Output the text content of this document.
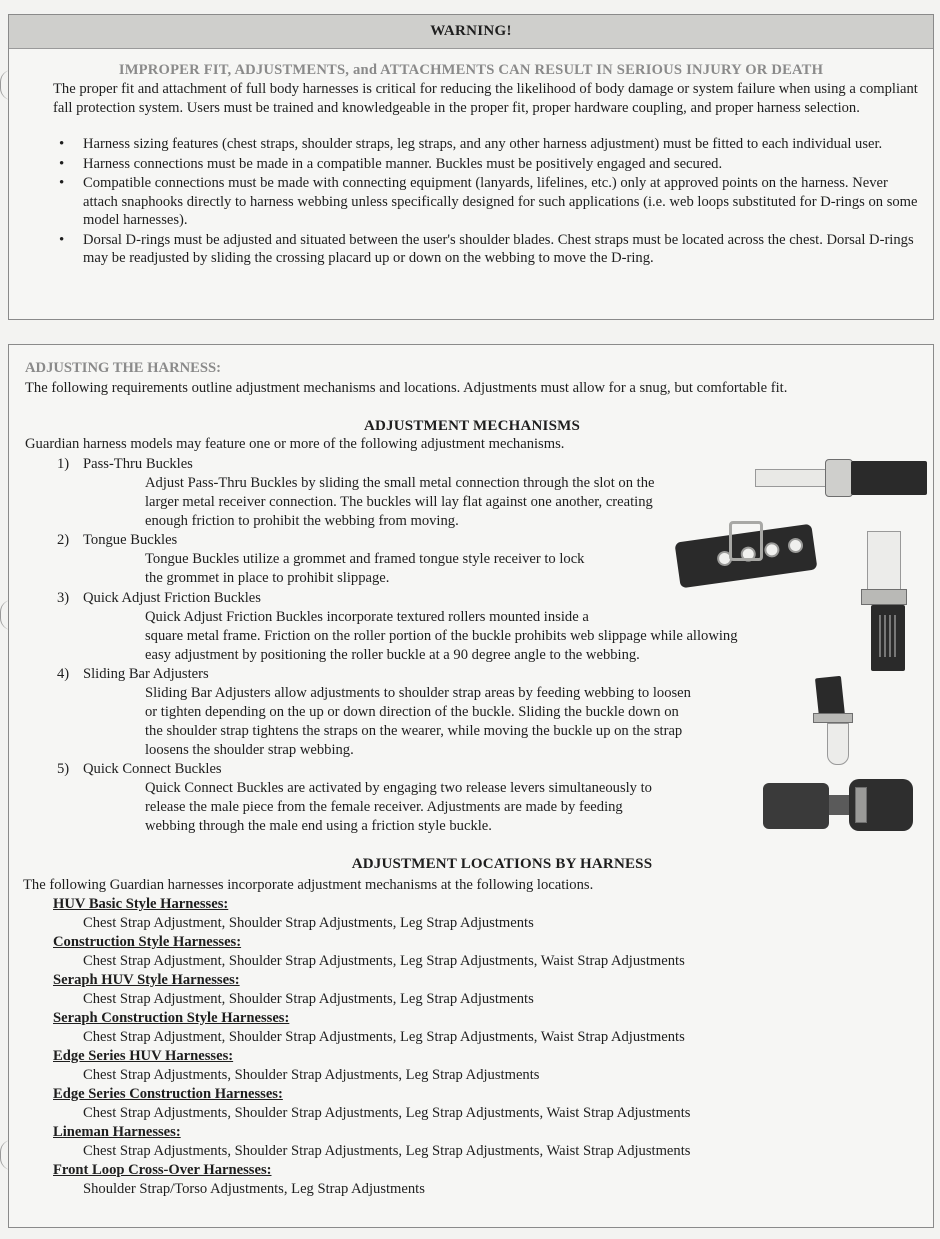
WARNING!
IMPROPER FIT, ADJUSTMENTS, and ATTACHMENTS CAN RESULT IN SERIOUS INJURY OR DEATH

The proper fit and attachment of full body harnesses is critical for reducing the likelihood of body damage or system failure when using a compliant fall protection system. Users must be trained and knowledgeable in the proper fit, proper hardware coupling, and proper harness selection.

• Harness sizing features (chest straps, shoulder straps, leg straps, and any other harness adjustment) must be fitted to each individual user.
• Harness connections must be made in a compatible manner. Buckles must be positively engaged and secured.
• Compatible connections must be made with connecting equipment (lanyards, lifelines, etc.) only at approved points on the harness. Never attach snaphooks directly to harness webbing unless specifically designed for such applications (i.e. web loops substituted for D-rings on some model harnesses).
• Dorsal D-rings must be adjusted and situated between the user's shoulder blades. Chest straps must be located across the chest. Dorsal D-rings may be readjusted by sliding the crossing placard up or down on the webbing to move the D-ring.
ADJUSTING THE HARNESS:
The following requirements outline adjustment mechanisms and locations. Adjustments must allow for a snug, but comfortable fit.
ADJUSTMENT MECHANISMS
Guardian harness models may feature one or more of the following adjustment mechanisms.
1) Pass-Thru Buckles
Adjust Pass-Thru Buckles by sliding the small metal connection through the slot on the
larger metal receiver connection. The buckles will lay flat against one another, creating
enough friction to prohibit the webbing from moving.
2) Tongue Buckles
Tongue Buckles utilize a grommet and framed tongue style receiver to lock
the grommet in place to prohibit slippage.
3) Quick Adjust Friction Buckles
Quick Adjust Friction Buckles incorporate textured rollers mounted inside a
square metal frame. Friction on the roller portion of the buckle prohibits web slippage while allowing
easy adjustment by positioning the roller buckle at a 90 degree angle to the webbing.
4) Sliding Bar Adjusters
Sliding Bar Adjusters allow adjustments to shoulder strap areas by feeding webbing to loosen
or tighten depending on the up or down direction of the buckle. Sliding the buckle down on
the shoulder strap tightens the straps on the wearer, while moving the buckle up on the strap
loosens the shoulder strap webbing.
5) Quick Connect Buckles
Quick Connect Buckles are activated by engaging two release levers simultaneously to
release the male piece from the female receiver. Adjustments are made by feeding
webbing through the male end using a friction style buckle.
ADJUSTMENT LOCATIONS BY HARNESS
The following Guardian harnesses incorporate adjustment mechanisms at the following locations.
HUV Basic Style Harnesses:
Chest Strap Adjustment, Shoulder Strap Adjustments, Leg Strap Adjustments
Construction Style Harnesses:
Chest Strap Adjustment, Shoulder Strap Adjustments, Leg Strap Adjustments, Waist Strap Adjustments
Seraph HUV Style Harnesses:
Chest Strap Adjustment, Shoulder Strap Adjustments, Leg Strap Adjustments
Seraph Construction Style Harnesses:
Chest Strap Adjustment, Shoulder Strap Adjustments, Leg Strap Adjustments, Waist Strap Adjustments
Edge Series HUV Harnesses:
Chest Strap Adjustments, Shoulder Strap Adjustments, Leg Strap Adjustments
Edge Series Construction Harnesses:
Chest Strap Adjustments, Shoulder Strap Adjustments, Leg Strap Adjustments, Waist Strap Adjustments
Lineman Harnesses:
Chest Strap Adjustments, Shoulder Strap Adjustments, Leg Strap Adjustments, Waist Strap Adjustments
Front Loop Cross-Over Harnesses:
Shoulder Strap/Torso Adjustments, Leg Strap Adjustments
